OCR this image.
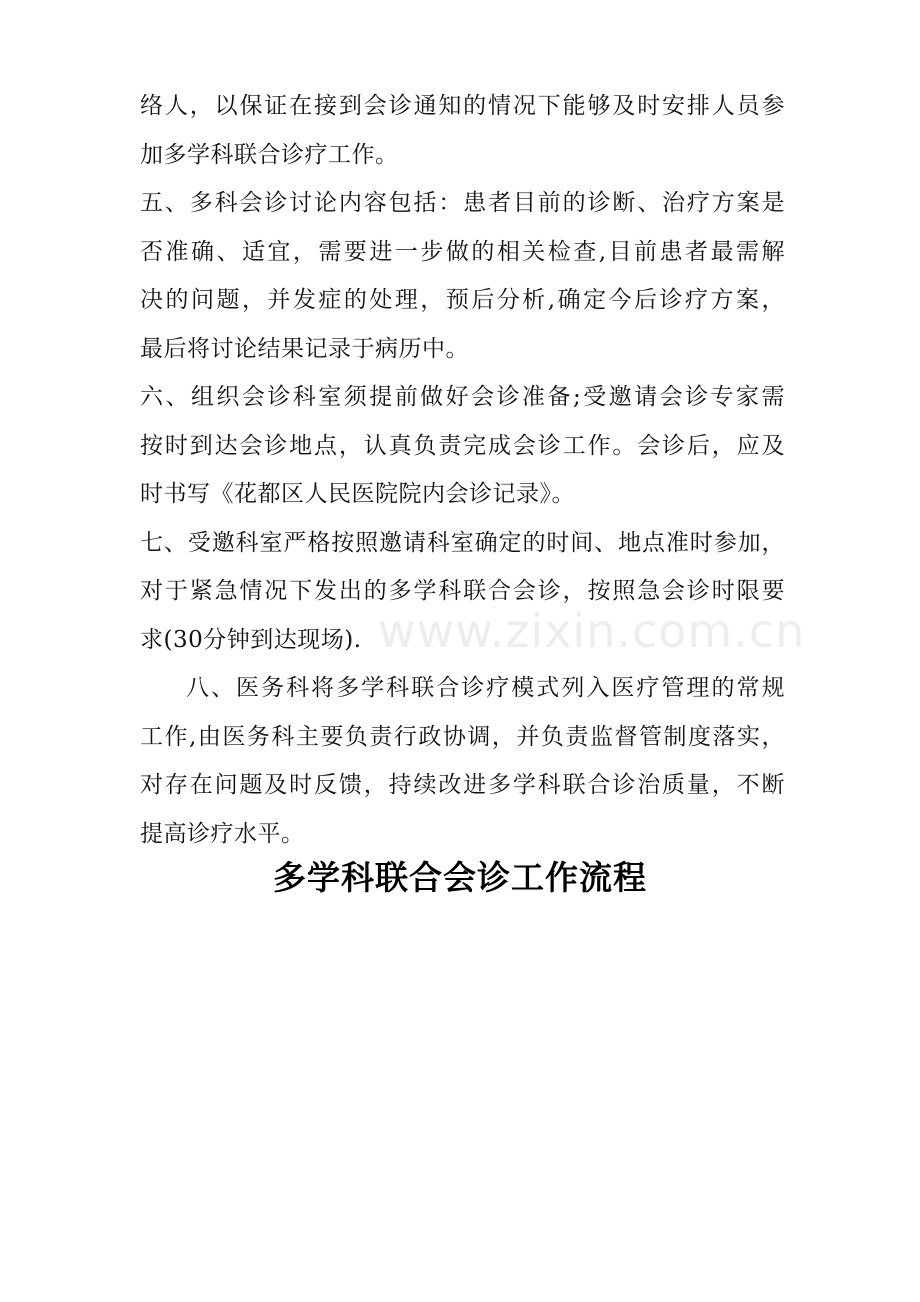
络人，以保证在接到会诊通知的情况下能够及时安排人员参
加多学科联合诊疗工作。

五、多科会诊讨论内容包括：患者目前的诊断、治疗方案是
否准确、适宜，需要进一步做的相关检查,目前患者最需解
决的问题，并发症的处理，预后分析,确定今后诊疗方案，
最后将讨论结果记录于病历中。

六、组织会诊科室须提前做好会诊准备;受邀请会诊专家需
按时到达会诊地点，认真负责完成会诊工作。会诊后，应及
时书写《花都区人民医院院内会诊记录》。

七、受邀科室严格按照邀请科室确定的时间、地点准时参加，
对于紧急情况下发出的多学科联合会诊，按照急会诊时限要
求(30分钟到达现场).

八、医务科将多学科联合诊疗模式列入医疗管理的常规
工作,由医务科主要负责行政协调，并负责监督管制度落实，
对存在问题及时反馈，持续改进多学科联合诊治质量，不断
提高诊疗水平。

www.zixin.com.cn
多学科联合会诊工作流程
